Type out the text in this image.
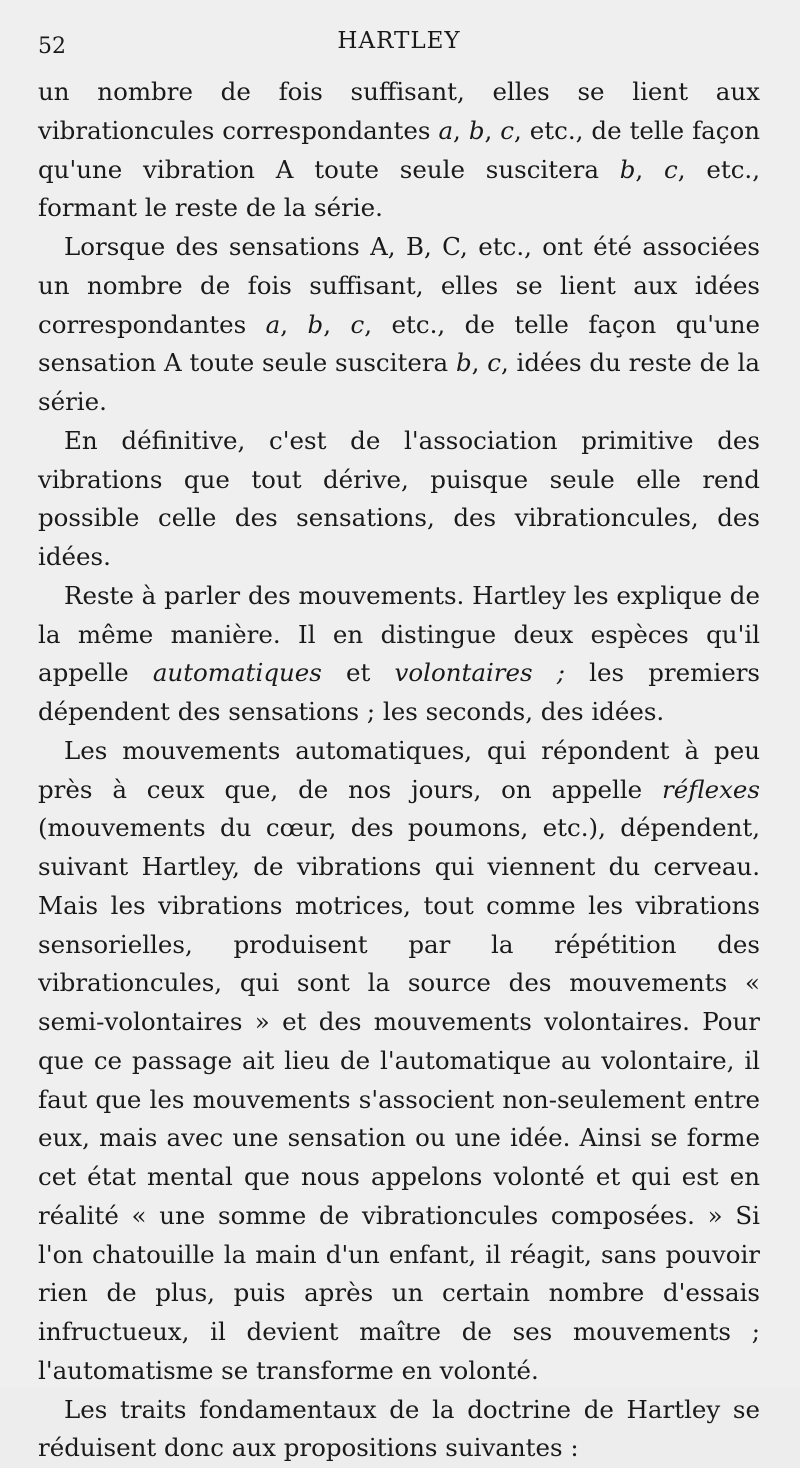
52	HARTLEY

un nombre de fois suffisant, elles se lient aux vibrationcules correspondantes a, b, c, etc., de telle façon qu'une vibration A toute seule suscitera b, c, etc., formant le reste de la série.

Lorsque des sensations A, B, C, etc., ont été associées un nombre de fois suffisant, elles se lient aux idées correspondantes a, b, c, etc., de telle façon qu'une sensation A toute seule suscitera b, c, idées du reste de la série.

En définitive, c'est de l'association primitive des vibrations que tout dérive, puisque seule elle rend possible celle des sensations, des vibrationcules, des idées.

Reste à parler des mouvements. Hartley les explique de la même manière. Il en distingue deux espèces qu'il appelle automatiques et volontaires ; les premiers dépendent des sensations ; les seconds, des idées.

Les mouvements automatiques, qui répondent à peu près à ceux que, de nos jours, on appelle réflexes (mouvements du cœur, des poumons, etc.), dépendent, suivant Hartley, de vibrations qui viennent du cerveau. Mais les vibrations motrices, tout comme les vibrations sensorielles, produisent par la répétition des vibrationcules, qui sont la source des mouvements « semi-volontaires » et des mouvements volontaires. Pour que ce passage ait lieu de l'automatique au volontaire, il faut que les mouvements s'associent non-seulement entre eux, mais avec une sensation ou une idée. Ainsi se forme cet état mental que nous appelons volonté et qui est en réalité « une somme de vibrationcules composées. » Si l'on chatouille la main d'un enfant, il réagit, sans pouvoir rien de plus, puis après un certain nombre d'essais infructueux, il devient maître de ses mouvements ; l'automatisme se transforme en volonté.

Les traits fondamentaux de la doctrine de Hartley se réduisent donc aux propositions suivantes :
